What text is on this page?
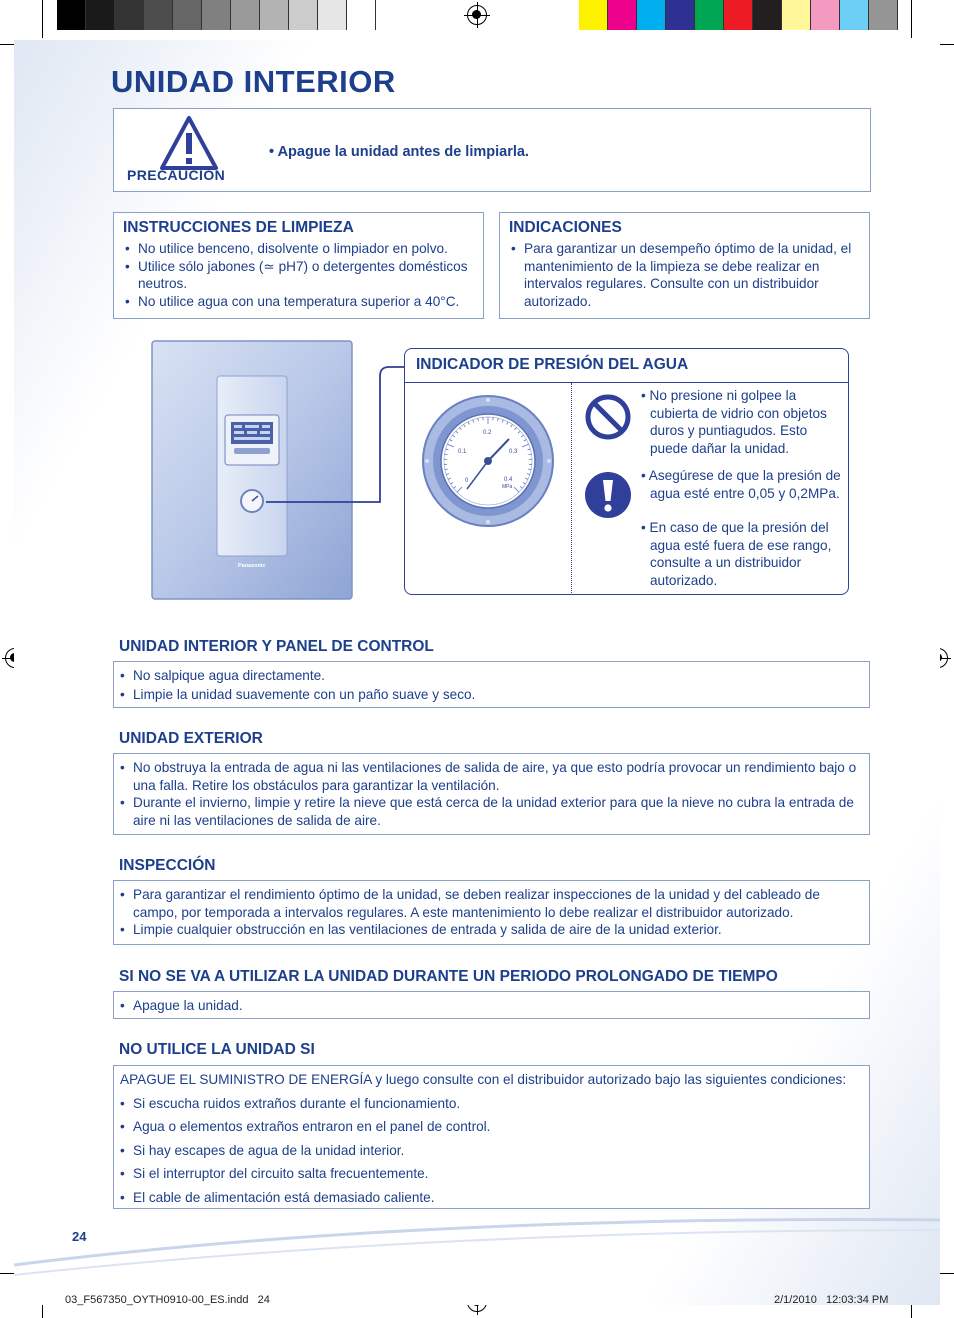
UNIDAD INTERIOR
PRECAUCIÓN
• Apague la unidad antes de limpiarla.
INSTRUCCIONES DE LIMPIEZA
• No utilice benceno, disolvente o limpiador en polvo.
• Utilice sólo jabones (≃ pH7) o detergentes domésticos neutros.
• No utilice agua con una temperatura superior a 40°C.
INDICACIONES
• Para garantizar un desempeño óptimo de la unidad, el mantenimiento de la limpieza se debe realizar en intervalos regulares. Consulte con un distribuidor autorizado.
Panasonic
INDICADOR DE PRESIÓN DEL AGUA
0
0.1
0.2
0.3
0.4
MPa
• No presione ni golpee la cubierta de vidrio con objetos duros y puntiagudos. Esto puede dañar la unidad.
• Asegúrese de que la presión de agua esté entre 0,05 y 0,2MPa.
• En caso de que la presión del agua esté fuera de ese rango, consulte a un distribuidor autorizado.
UNIDAD INTERIOR Y PANEL DE CONTROL
• No salpique agua directamente.
• Limpie la unidad suavemente con un paño suave y seco.
UNIDAD EXTERIOR
• No obstruya la entrada de agua ni las ventilaciones de salida de aire, ya que esto podría provocar un rendimiento bajo o una falla. Retire los obstáculos para garantizar la ventilación.
• Durante el invierno, limpie y retire la nieve que está cerca de la unidad exterior para que la nieve no cubra la entrada de aire ni las ventilaciones de salida de aire.
INSPECCIÓN
• Para garantizar el rendimiento óptimo de la unidad, se deben realizar inspecciones de la unidad y del cableado de campo, por temporada a intervalos regulares. A este mantenimiento lo debe realizar el distribuidor autorizado.
• Limpie cualquier obstrucción en las ventilaciones de entrada y salida de aire de la unidad exterior.
SI NO SE VA A UTILIZAR LA UNIDAD DURANTE UN PERIODO PROLONGADO DE TIEMPO
• Apague la unidad.
NO UTILICE LA UNIDAD SI
APAGUE EL SUMINISTRO DE ENERGÍA y luego consulte con el distribuidor autorizado bajo las siguientes condiciones:
• Si escucha ruidos extraños durante el funcionamiento.
• Agua o elementos extraños entraron en el panel de control.
• Si hay escapes de agua de la unidad interior.
• Si el interruptor del circuito salta frecuentemente.
• El cable de alimentación está demasiado caliente.
24
03_F567350_OYTH0910-00_ES.indd   24	2/1/2010   12:03:34 PM
